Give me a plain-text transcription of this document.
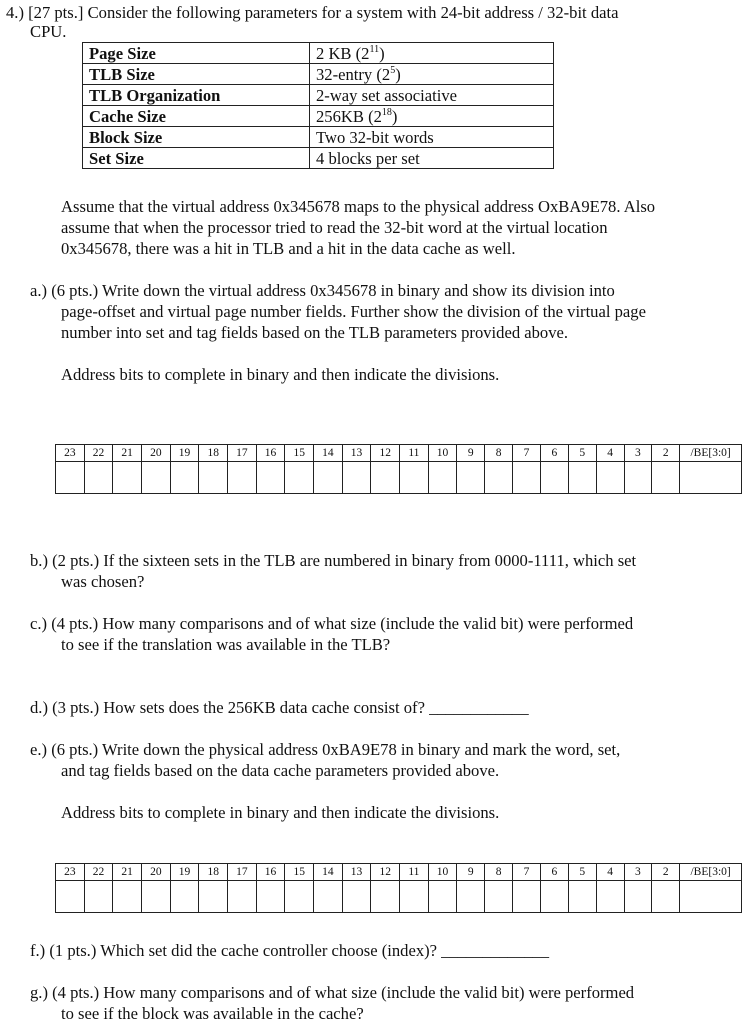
4.) [27 pts.] Consider the following parameters for a system with 24-bit address / 32-bit data
CPU.
Page Size	2 KB $(2^{11})$
TLB Size	32-entry $(2^5)$
TLB Organization	2-way set associative
Cache Size	256KB $(2^{18})$
Block Size	Two 32-bit words
Set Size	4 blocks per set
Assume that the virtual address 0x345678 maps to the physical address OxBA9E78. Also
assume that when the processor tried to read the 32-bit word at the virtual location
0x345678, there was a hit in TLB and a hit in the data cache as well.
a.) (6 pts.) Write down the virtual address 0x345678 in binary and show its division into
page-offset and virtual page number fields. Further show the division of the virtual page
number into set and tag fields based on the TLB parameters provided above.
Address bits to complete in binary and then indicate the divisions.
23	22	21	20	19	18	17	16	15	14	13	12	11	10	9	8	7	6	5	4	3	2	/BE[3:0]

b.) (2 pts.) If the sixteen sets in the TLB are numbered in binary from 0000-1111, which set
was chosen?
c.) (4 pts.) How many comparisons and of what size (include the valid bit) were performed
to see if the translation was available in the TLB?
d.) (3 pts.) How sets does the 256KB data cache consist of? ____________
e.) (6 pts.) Write down the physical address 0xBA9E78 in binary and mark the word, set,
and tag fields based on the data cache parameters provided above.
Address bits to complete in binary and then indicate the divisions.
23	22	21	20	19	18	17	16	15	14	13	12	11	10	9	8	7	6	5	4	3	2	/BE[3:0]

f.) (1 pts.) Which set did the cache controller choose (index)? _____________
g.) (4 pts.) How many comparisons and of what size (include the valid bit) were performed
to see if the block was available in the cache?
